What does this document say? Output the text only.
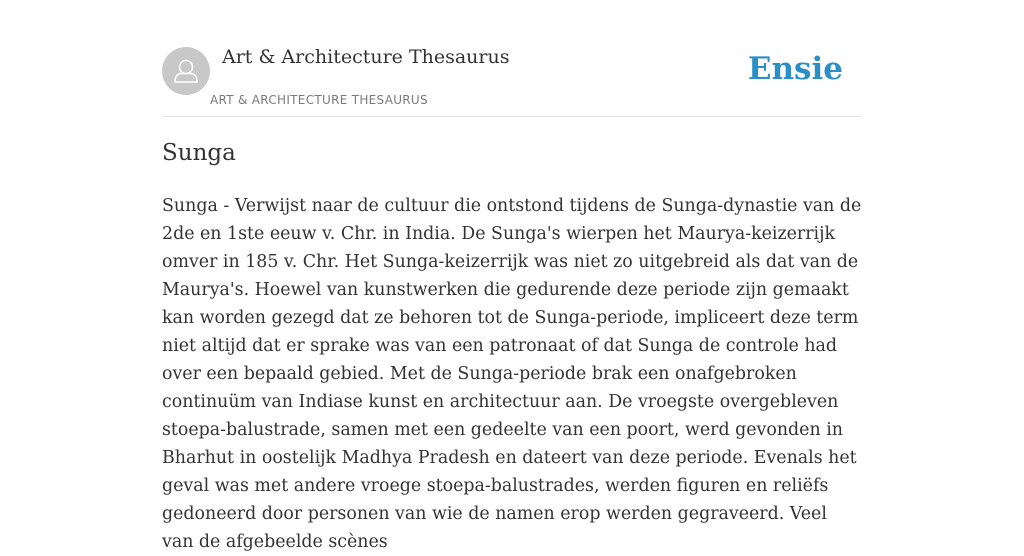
Art & Architecture Thesaurus
ART & ARCHITECTURE THESAURUS
Ensie
Sunga

Sunga - Verwijst naar de cultuur die ontstond tijdens de Sunga-dynastie van de 2de en 1ste eeuw v. Chr. in India. De Sunga's wierpen het Maurya-keizerrijk omver in 185 v. Chr. Het Sunga-keizerrijk was niet zo uitgebreid als dat van de Maurya's. Hoewel van kunstwerken die gedurende deze periode zijn gemaakt kan worden gezegd dat ze behoren tot de Sunga-periode, impliceert deze term niet altijd dat er sprake was van een patronaat of dat Sunga de controle had over een bepaald gebied. Met de Sunga-periode brak een onafgebroken continuüm van Indiase kunst en architectuur aan. De vroegste overgebleven stoepa-balustrade, samen met een gedeelte van een poort, werd gevonden in Bharhut in oostelijk Madhya Pradesh en dateert van deze periode. Evenals het geval was met andere vroege stoepa-balustrades, werden figuren en reliëfs gedoneerd door personen van wie de namen erop werden gegraveerd. Veel van de afgebeelde scènes
